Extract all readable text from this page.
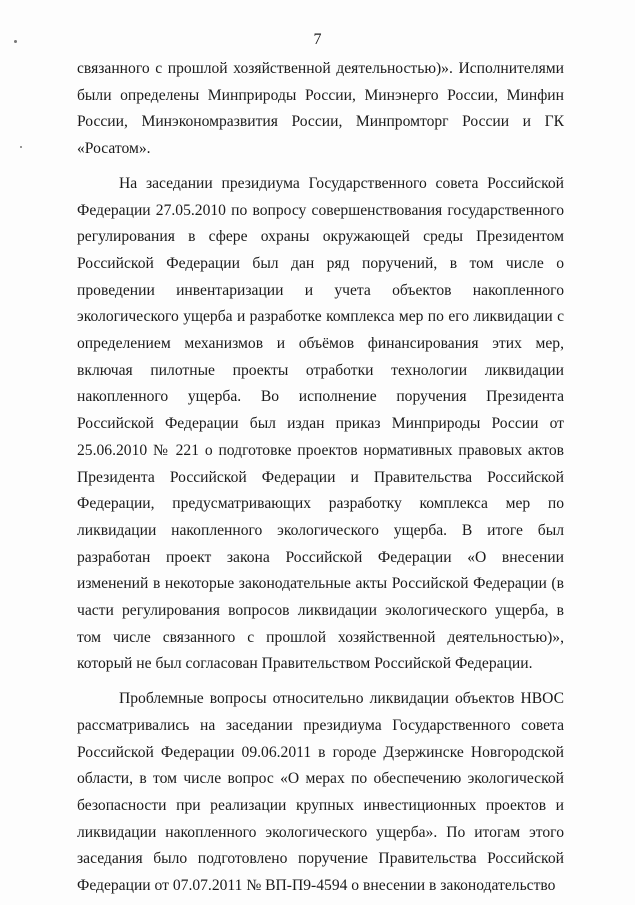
7

связанного с прошлой хозяйственной деятельностью)». Исполнителями были определены Минприроды России, Минэнерго России, Минфин России, Минэкономразвития России, Минпромторг России и ГК «Росатом».

На заседании президиума Государственного совета Российской Федерации 27.05.2010 по вопросу совершенствования государственного регулирования в сфере охраны окружающей среды Президентом Российской Федерации был дан ряд поручений, в том числе о проведении инвентаризации и учета объектов накопленного экологического ущерба и разработке комплекса мер по его ликвидации с определением механизмов и объёмов финансирования этих мер, включая пилотные проекты отработки технологии ликвидации накопленного ущерба. Во исполнение поручения Президента Российской Федерации был издан приказ Минприроды России от 25.06.2010 № 221 о подготовке проектов нормативных правовых актов Президента Российской Федерации и Правительства Российской Федерации, предусматривающих разработку комплекса мер по ликвидации накопленного экологического ущерба. В итоге был разработан проект закона Российской Федерации «О внесении изменений в некоторые законодательные акты Российской Федерации (в части регулирования вопросов ликвидации экологического ущерба, в том числе связанного с прошлой хозяйственной деятельностью)», который не был согласован Правительством Российской Федерации.

Проблемные вопросы относительно ликвидации объектов НВОС рассматривались на заседании президиума Государственного совета Российской Федерации 09.06.2011 в городе Дзержинске Новгородской области, в том числе вопрос «О мерах по обеспечению экологической безопасности при реализации крупных инвестиционных проектов и ликвидации накопленного экологического ущерба». По итогам этого заседания было подготовлено поручение Правительства Российской Федерации от 07.07.2011 № ВП-П9-4594 о внесении в законодательство
